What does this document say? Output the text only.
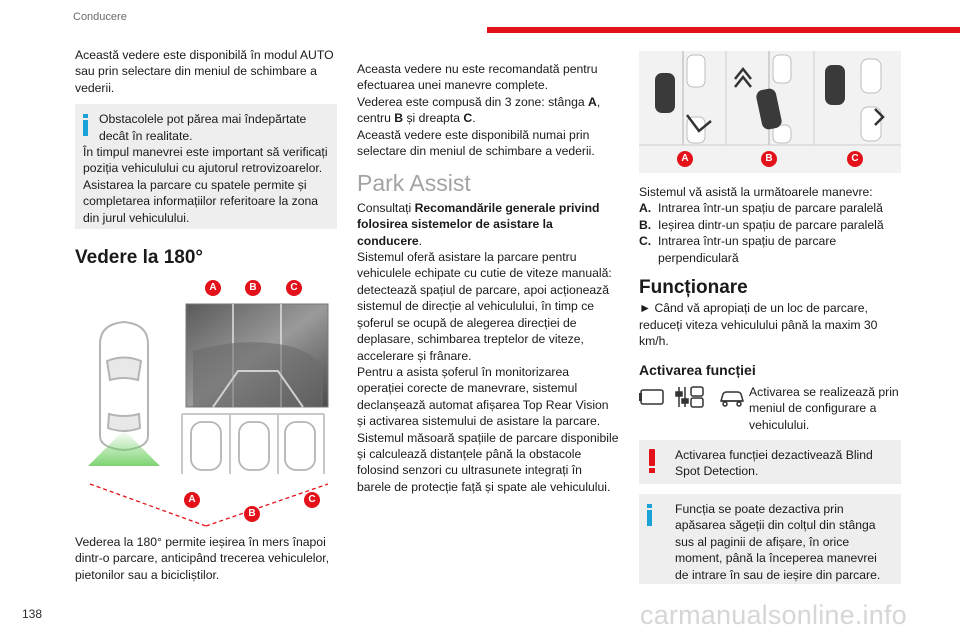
Conducere
138	carmanualsonline.info

Această vedere este disponibilă în modul AUTO sau prin selectare din meniul de schimbare a vederii.

Obstacolele pot părea mai îndepărtate decât în realitate.

În timpul manevrei este important să verificați poziția vehiculului cu ajutorul retrovizoarelor.

Asistarea la parcare cu spatele permite și completarea informațiilor referitoare la zona din jurul vehiculului.

Vedere la 180°
A	B	C
A
B
C

Vederea la 180° permite ieșirea în mers înapoi dintr-o parcare, anticipând trecerea vehiculelor, pietonilor sau a bicicliștilor.

Aceasta vedere nu este recomandată pentru efectuarea unei manevre complete.

Vederea este compusă din 3 zone: stânga A, centru B și dreapta C.

Această vedere este disponibilă numai prin selectare din meniul de schimbare a vederii.

Park Assist

Consultați Recomandările generale privind folosirea sistemelor de asistare la conducere.

Sistemul oferă asistare la parcare pentru vehiculele echipate cu cutie de viteze manuală: detectează spațiul de parcare, apoi acționează sistemul de direcție al vehiculului, în timp ce șoferul se ocupă de alegerea direcției de deplasare, schimbarea treptelor de viteze, accelerare și frânare.

Pentru a asista șoferul în monitorizarea operației corecte de manevrare, sistemul declanșează automat afișarea Top Rear Vision și activarea sistemului de asistare la parcare.

Sistemul măsoară spațiile de parcare disponibile și calculează distanțele până la obstacole folosind senzori cu ultrasunete integrați în barele de protecție față și spate ale vehiculului.

A	B	C

Sistemul vă asistă la următoarele manevre:

A. Intrarea într-un spațiu de parcare paralelă
B. Ieșirea dintr-un spațiu de parcare paralelă
C. Intrarea într-un spațiu de parcare perpendiculară
Funcționare

► Când vă apropiați de un loc de parcare, reduceți viteza vehiculului până la maxim 30 km/h.

Activarea funcției

Activarea se realizează prin meniul de configurare a vehiculului.

Activarea funcției dezactivează Blind Spot Detection.

Funcția se poate dezactiva prin apăsarea săgeții din colțul din stânga sus al paginii de afișare, în orice moment, până la începerea manevrei de intrare în sau de ieșire din parcare.
